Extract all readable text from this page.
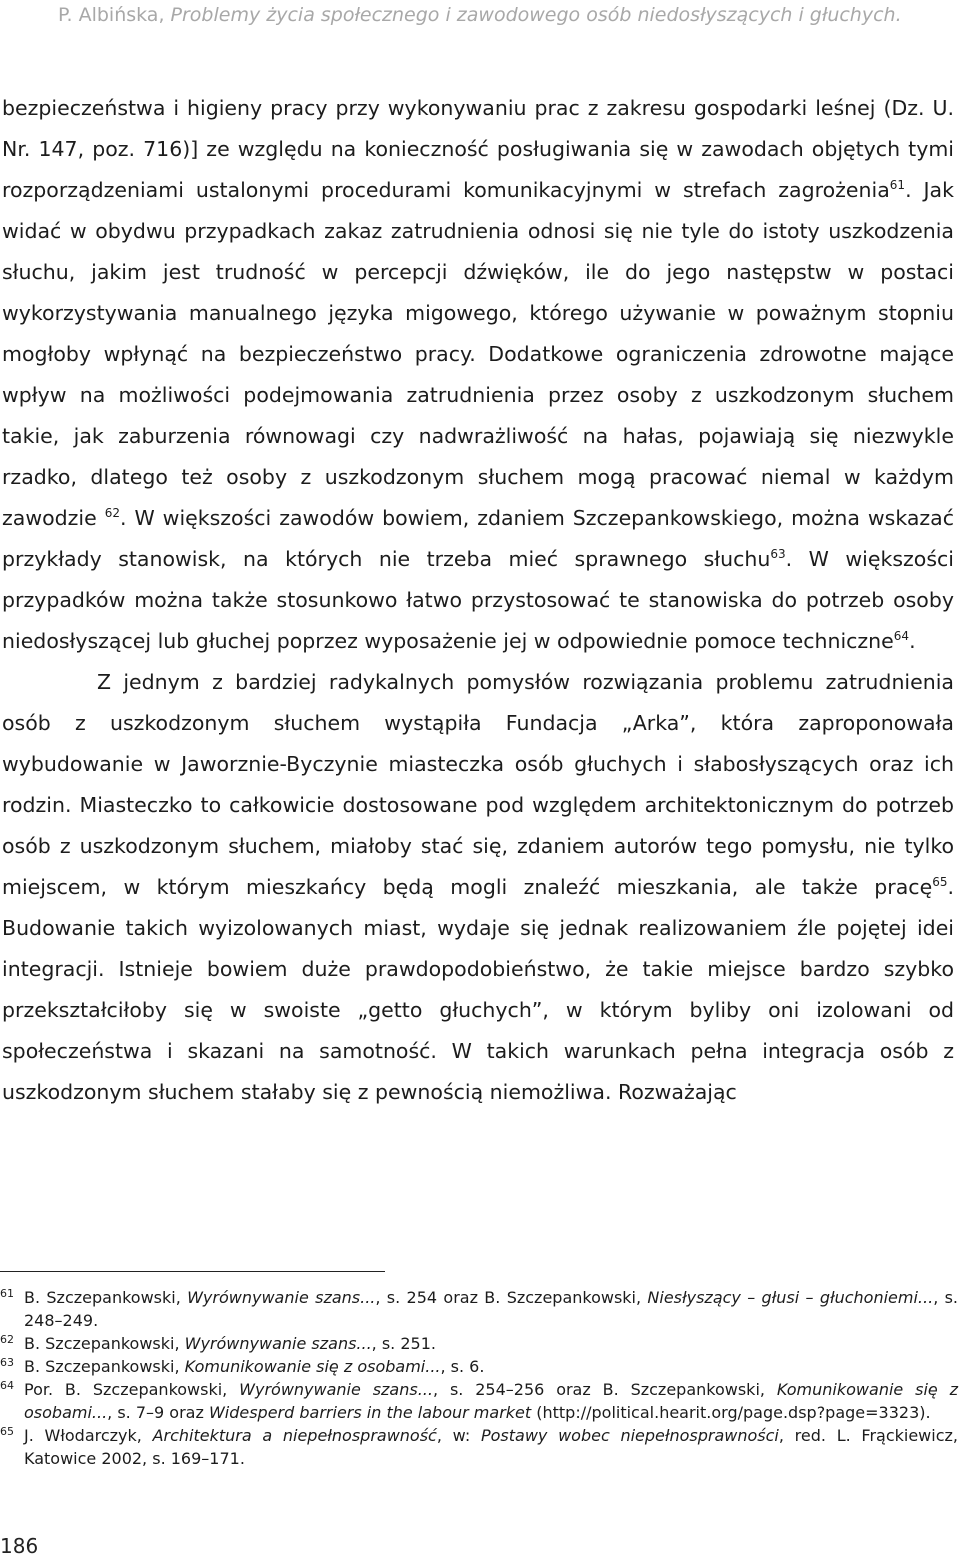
P. Albińska, Problemy życia społecznego i zawodowego osób niedosłyszących i głuchych.

bezpieczeństwa i higieny pracy przy wykonywaniu prac z zakresu gospodarki leśnej (Dz. U. Nr. 147, poz. 716)] ze względu na konieczność posługiwania się w zawodach objętych tymi rozporządzeniami ustalonymi procedurami komunikacyjnymi w strefach zagrożenia$^{61}$. Jak widać w obydwu przypadkach zakaz zatrudnienia odnosi się nie tyle do istoty uszkodzenia słuchu, jakim jest trudność w percepcji dźwięków, ile do jego następstw w postaci wykorzystywania manualnego języka migowego, którego używanie w poważnym stopniu mogłoby wpłynąć na bezpieczeństwo pracy. Dodatkowe ograniczenia zdrowotne mające wpływ na możliwości podejmowania zatrudnienia przez osoby z uszkodzonym słuchem takie, jak zaburzenia równowagi czy nadwrażliwość na hałas, pojawiają się niezwykle rzadko, dlatego też osoby z uszkodzonym słuchem mogą pracować niemal w każdym zawodzie $^{62}$. W większości zawodów bowiem, zdaniem Szczepankowskiego, można wskazać przykłady stanowisk, na których nie trzeba mieć sprawnego słuchu$^{63}$. W większości przypadków można także stosunkowo łatwo przystosować te stanowiska do potrzeb osoby niedosłyszącej lub głuchej poprzez wyposażenie jej w odpowiednie pomoce techniczne$^{64}$.

Z jednym z bardziej radykalnych pomysłów rozwiązania problemu zatrudnienia osób z uszkodzonym słuchem wystąpiła Fundacja „Arka”, która zaproponowała wybudowanie w Jaworznie-Byczynie miasteczka osób głuchych i słabosłyszących oraz ich rodzin. Miasteczko to całkowicie dostosowane pod względem architektonicznym do potrzeb osób z uszkodzonym słuchem, miałoby stać się, zdaniem autorów tego pomysłu, nie tylko miejscem, w którym mieszkańcy będą mogli znaleźć mieszkania, ale także pracę$^{65}$. Budowanie takich wyizolowanych miast, wydaje się jednak realizowaniem źle pojętej idei integracji. Istnieje bowiem duże prawdopodobieństwo, że takie miejsce bardzo szybko przekształciłoby się w swoiste „getto głuchych”, w którym byliby oni izolowani od społeczeństwa i skazani na samotność. W takich warunkach pełna integracja osób z uszkodzonym słuchem stałaby się z pewnością niemożliwa. Rozważając

61 B. Szczepankowski, Wyrównywanie szans..., s. 254 oraz B. Szczepankowski, Niesłyszący – głusi – głuchoniemi..., s. 248–249.
62 B. Szczepankowski, Wyrównywanie szans..., s. 251.
63 B. Szczepankowski, Komunikowanie się z osobami..., s. 6.
64 Por. B. Szczepankowski, Wyrównywanie szans..., s. 254–256 oraz B. Szczepankowski, Komunikowanie się z osobami..., s. 7–9 oraz Widesperd barriers in the labour market (http://political.hearit.org/page.dsp?page=3323).
65 J. Włodarczyk, Architektura a niepełnosprawność, w: Postawy wobec niepełnosprawności, red. L. Frąckiewicz, Katowice 2002, s. 169–171.
186
